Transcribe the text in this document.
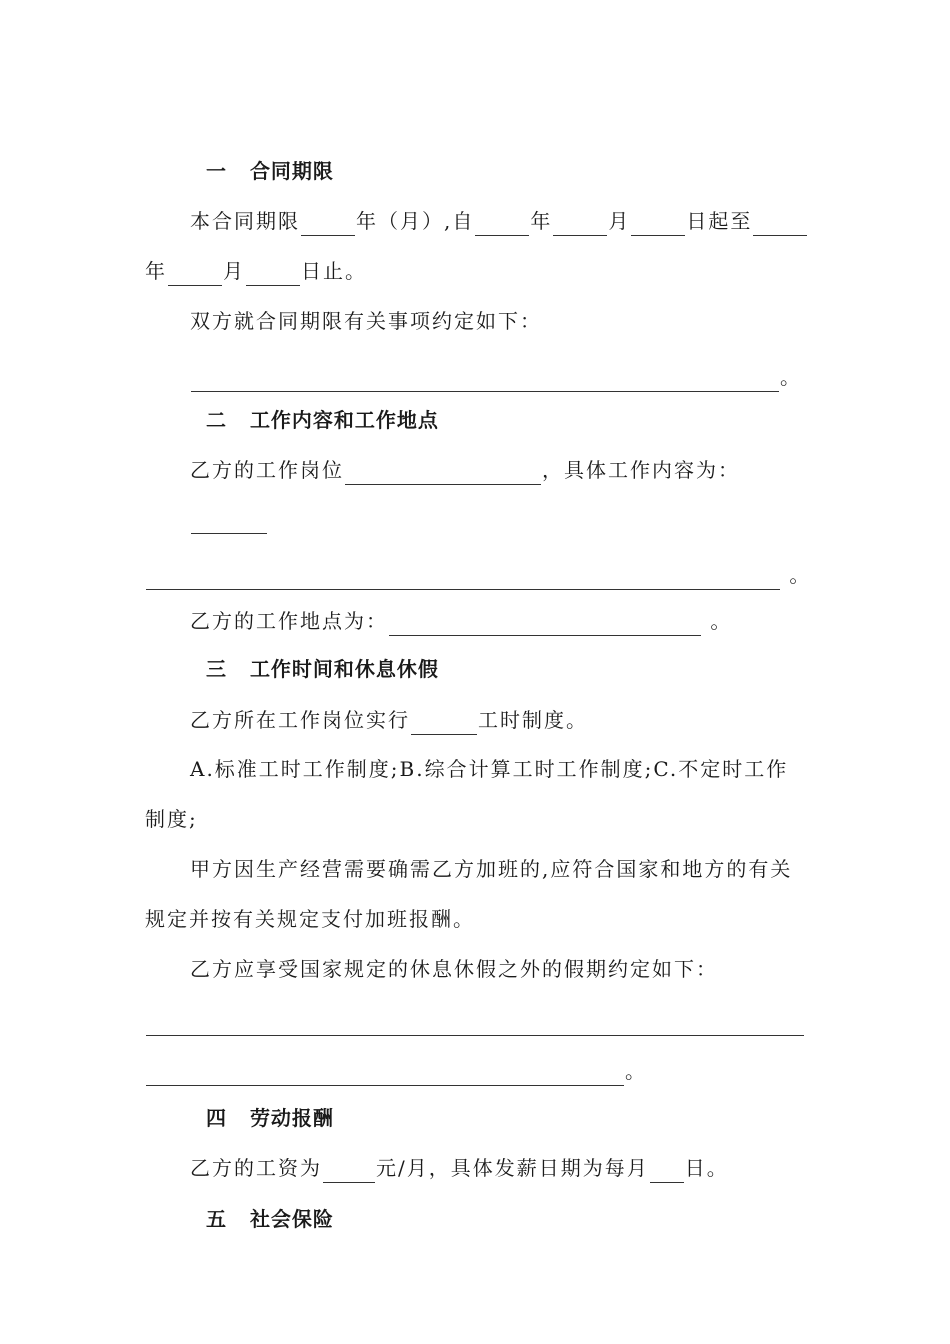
一 合同期限

本合同期限	年（月）,自	年	月	日起至

年	月	日止。

双方就合同期限有关事项约定如下：

。

二 工作内容和工作地点

乙方的工作岗位	，具体工作内容为：

。

乙方的工作地点为：	。

三 工作时间和休息休假

乙方所在工作岗位实行	工时制度。

A.标准工时工作制度;B.综合计算工时工作制度;C.不定时工作

制度;

甲方因生产经营需要确需乙方加班的,应符合国家和地方的有关

规定并按有关规定支付加班报酬。

乙方应享受国家规定的休息休假之外的假期约定如下：

。

四 劳动报酬

乙方的工资为	元/月，具体发薪日期为每月 日。

五 社会保险
